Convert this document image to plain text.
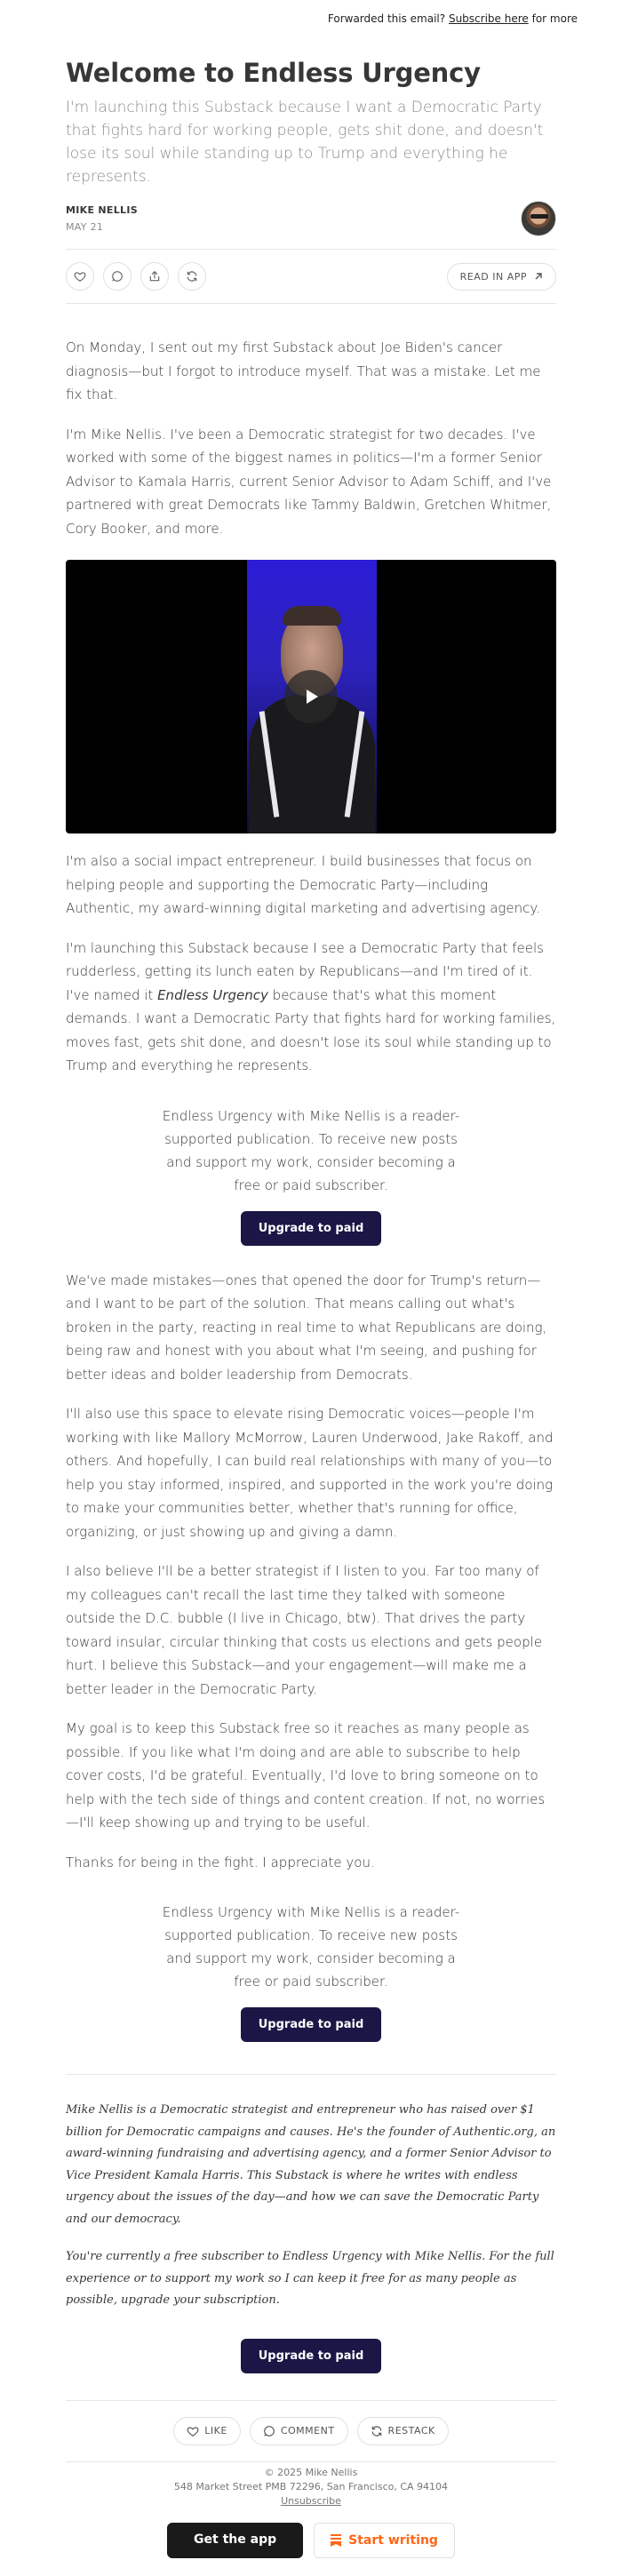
Forwarded this email? Subscribe here for more
Welcome to Endless Urgency
I'm launching this Substack because I want a Democratic Party that fights hard for working people, gets shit done, and doesn't lose its soul while standing up to Trump and everything he represents.
MIKE NELLIS
MAY 21
READ IN APP

On Monday, I sent out my first Substack about Joe Biden's cancer diagnosis—but I forgot to introduce myself. That was a mistake. Let me fix that.

I'm Mike Nellis. I've been a Democratic strategist for two decades. I've worked with some of the biggest names in politics—I'm a former Senior Advisor to Kamala Harris, current Senior Advisor to Adam Schiff, and I've partnered with great Democrats like Tammy Baldwin, Gretchen Whitmer, Cory Booker, and more.

I'm also a social impact entrepreneur. I build businesses that focus on helping people and supporting the Democratic Party—including Authentic, my award-winning digital marketing and advertising agency.

I'm launching this Substack because I see a Democratic Party that feels rudderless, getting its lunch eaten by Republicans—and I'm tired of it. I've named it Endless Urgency because that's what this moment demands. I want a Democratic Party that fights hard for working families, moves fast, gets shit done, and doesn't lose its soul while standing up to Trump and everything he represents.

Endless Urgency with Mike Nellis is a reader-supported publication. To receive new posts and support my work, consider becoming a free or paid subscriber.
Upgrade to paid

We've made mistakes—ones that opened the door for Trump's return—and I want to be part of the solution. That means calling out what's broken in the party, reacting in real time to what Republicans are doing, being raw and honest with you about what I'm seeing, and pushing for better ideas and bolder leadership from Democrats.

I'll also use this space to elevate rising Democratic voices—people I'm working with like Mallory McMorrow, Lauren Underwood, Jake Rakoff, and others. And hopefully, I can build real relationships with many of you—to help you stay informed, inspired, and supported in the work you're doing to make your communities better, whether that's running for office, organizing, or just showing up and giving a damn.

I also believe I'll be a better strategist if I listen to you. Far too many of my colleagues can't recall the last time they talked with someone outside the D.C. bubble (I live in Chicago, btw). That drives the party toward insular, circular thinking that costs us elections and gets people hurt. I believe this Substack—and your engagement—will make me a better leader in the Democratic Party.

My goal is to keep this Substack free so it reaches as many people as possible. If you like what I'm doing and are able to subscribe to help cover costs, I'd be grateful. Eventually, I'd love to bring someone on to help with the tech side of things and content creation. If not, no worries—I'll keep showing up and trying to be useful.

Thanks for being in the fight. I appreciate you.

Endless Urgency with Mike Nellis is a reader-supported publication. To receive new posts and support my work, consider becoming a free or paid subscriber.
Upgrade to paid

Mike Nellis is a Democratic strategist and entrepreneur who has raised over $1 billion for Democratic campaigns and causes. He's the founder of Authentic.org, an award-winning fundraising and advertising agency, and a former Senior Advisor to Vice President Kamala Harris. This Substack is where he writes with endless urgency about the issues of the day—and how we can save the Democratic Party and our democracy.

You're currently a free subscriber to Endless Urgency with Mike Nellis. For the full experience or to support my work so I can keep it free for as many people as possible, upgrade your subscription.

Upgrade to paid
LIKE	COMMENT	RESTACK
© 2025 Mike Nellis
548 Market Street PMB 72296, San Francisco, CA 94104
Unsubscribe
Get the app	Start writing
